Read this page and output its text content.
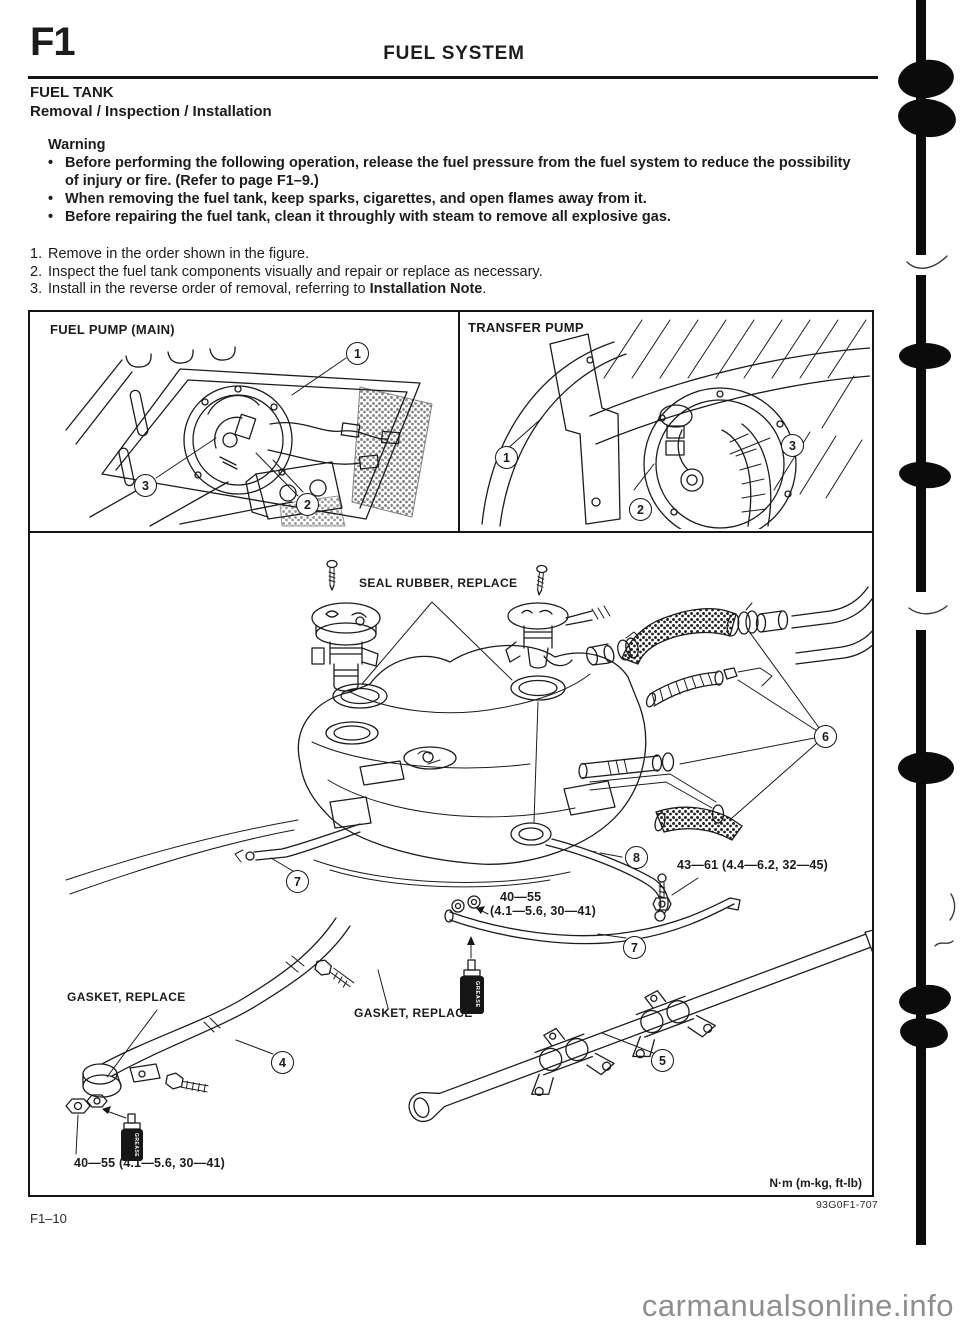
F1	FUEL SYSTEM
FUEL TANK
Removal / Inspection / Installation
Warning
• Before performing the following operation, release the fuel pressure from the fuel system to reduce the possibility of injury or fire. (Refer to page F1–9.)
• When removing the fuel tank, keep sparks, cigarettes, and open flames away from it.
• Before repairing the fuel tank, clean it throughly with steam to remove all explosive gas.
1. Remove in the order shown in the figure.
2. Inspect the fuel tank components visually and repair or replace as necessary.
3. Install in the reverse order of removal, referring to Installation Note.
GREASE
GREASE
FUEL PUMP (MAIN)	TRANSFER PUMP
1
2
3
1
2
3
6
7
8
7
4	5
SEAL RUBBER, REPLACE
GASKET, REPLACE
GASKET, REPLACE
40—55
(4.1—5.6, 30—41)
43—61 (4.4—6.2, 32—45)
40—55 (4.1—5.6, 30—41)
N·m (m-kg, ft-lb)
93G0F1-707
F1–10
carmanualsonline.info
